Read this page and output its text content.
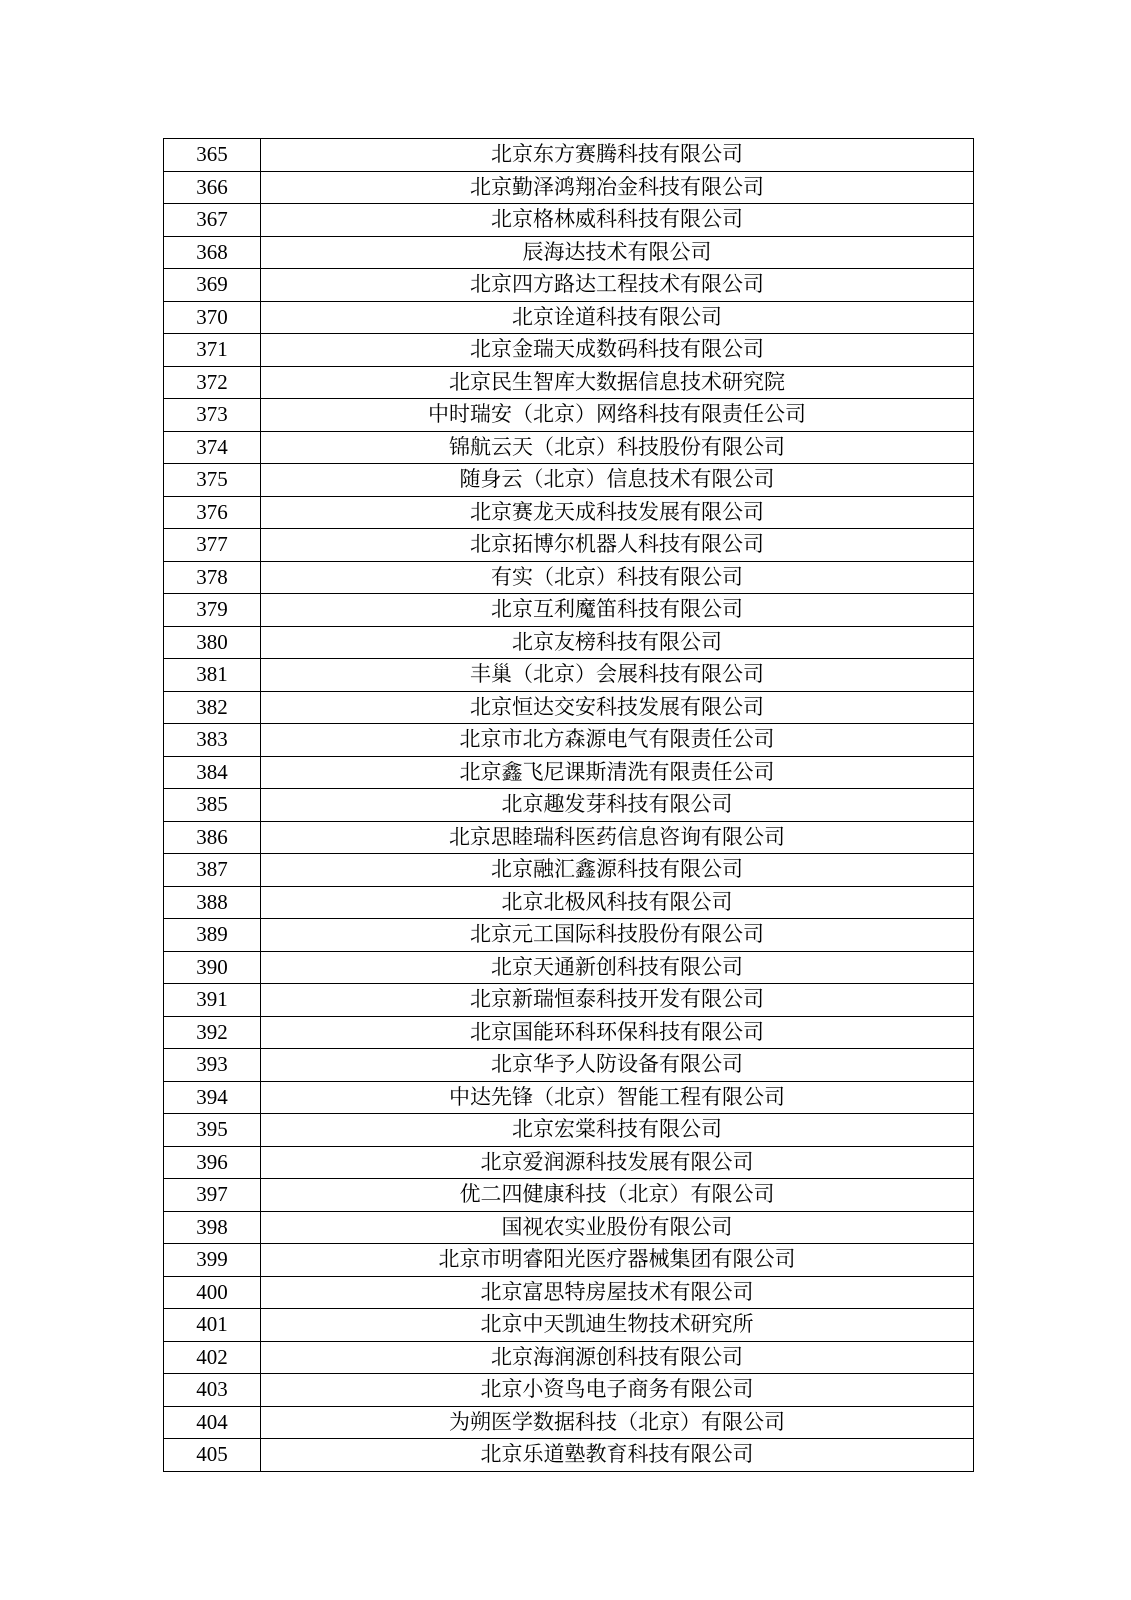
365	北京东方赛腾科技有限公司
366	北京勤泽鸿翔冶金科技有限公司
367	北京格林威科科技有限公司
368	辰海达技术有限公司
369	北京四方路达工程技术有限公司
370	北京诠道科技有限公司
371	北京金瑞天成数码科技有限公司
372	北京民生智库大数据信息技术研究院
373	中时瑞安（北京）网络科技有限责任公司
374	锦航云天（北京）科技股份有限公司
375	随身云（北京）信息技术有限公司
376	北京赛龙天成科技发展有限公司
377	北京拓博尔机器人科技有限公司
378	有实（北京）科技有限公司
379	北京互利魔笛科技有限公司
380	北京友榜科技有限公司
381	丰巢（北京）会展科技有限公司
382	北京恒达交安科技发展有限公司
383	北京市北方森源电气有限责任公司
384	北京鑫飞尼课斯清洗有限责任公司
385	北京趣发芽科技有限公司
386	北京思睦瑞科医药信息咨询有限公司
387	北京融汇鑫源科技有限公司
388	北京北极风科技有限公司
389	北京元工国际科技股份有限公司
390	北京天通新创科技有限公司
391	北京新瑞恒泰科技开发有限公司
392	北京国能环科环保科技有限公司
393	北京华予人防设备有限公司
394	中达先锋（北京）智能工程有限公司
395	北京宏棠科技有限公司
396	北京爱润源科技发展有限公司
397	优二四健康科技（北京）有限公司
398	国视农实业股份有限公司
399	北京市明睿阳光医疗器械集团有限公司
400	北京富思特房屋技术有限公司
401	北京中天凯迪生物技术研究所
402	北京海润源创科技有限公司
403	北京小资鸟电子商务有限公司
404	为朔医学数据科技（北京）有限公司
405	北京乐道塾教育科技有限公司
